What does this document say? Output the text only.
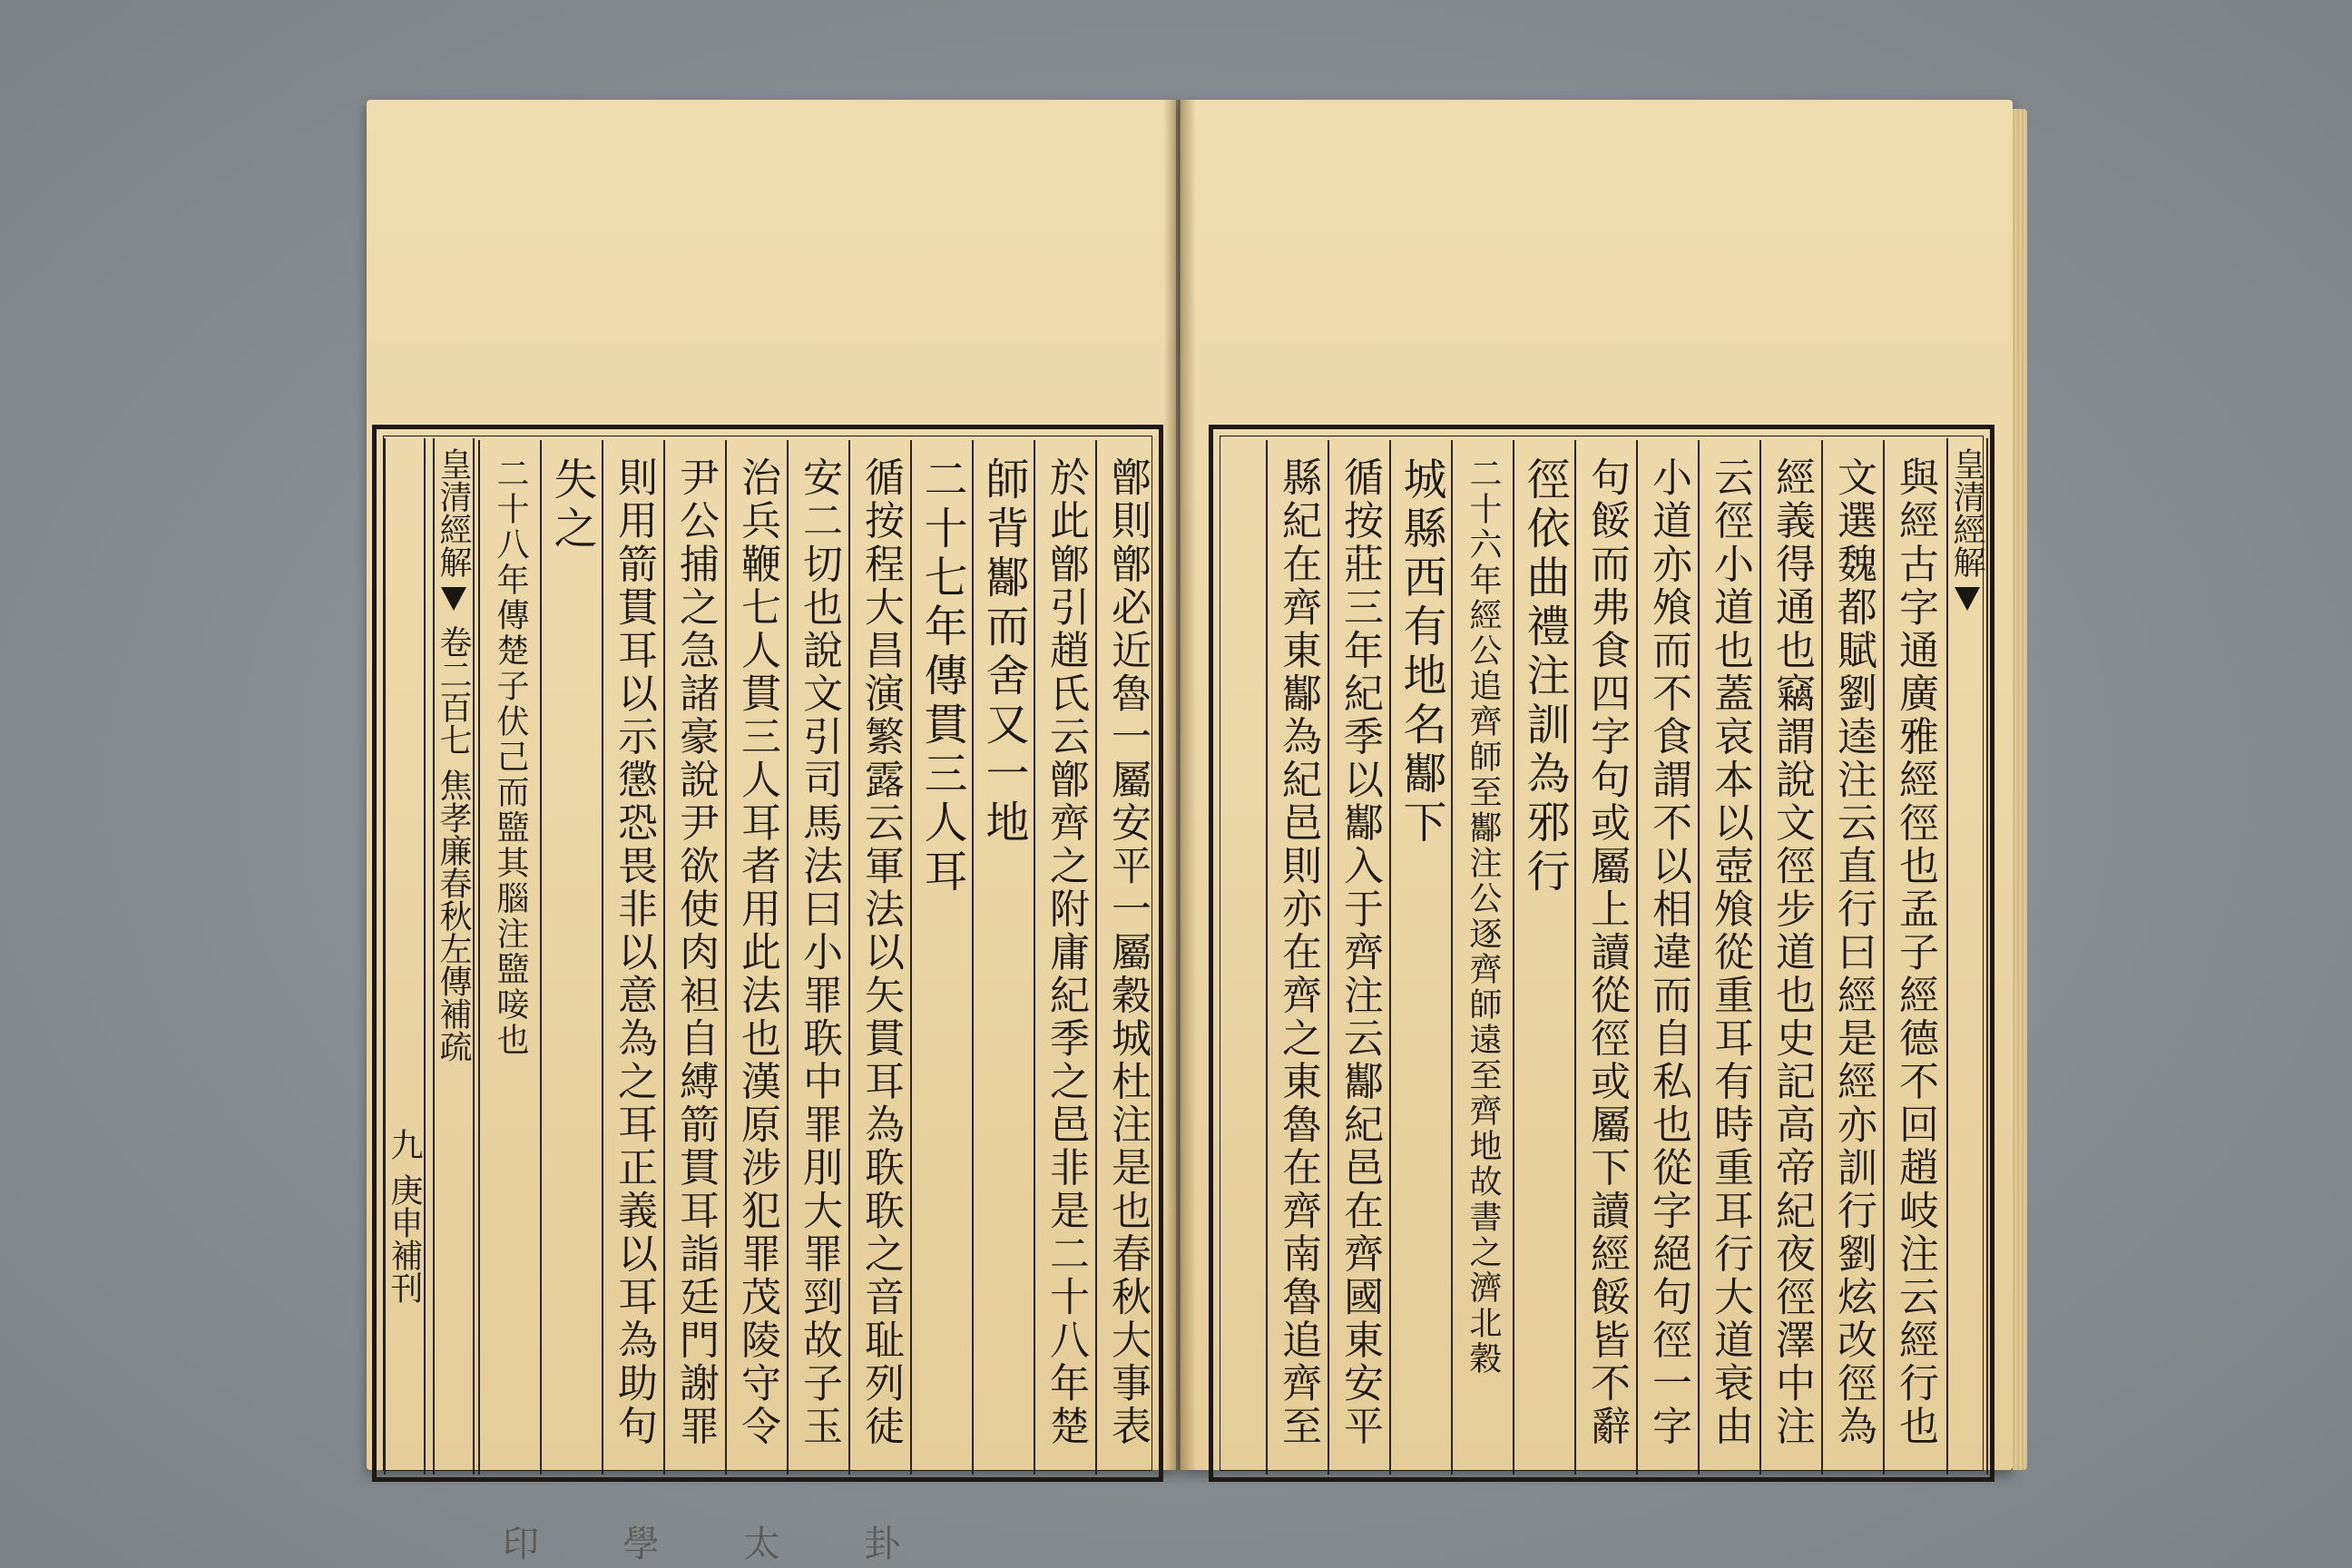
鄫則鄫必近魯一屬安平一屬穀城杜注是也春秋大事表
於此鄫引趙氏云鄫齊之附庸紀季之邑非是二十八年楚
師背酅而舍又一地
二十七年傳貫三人耳
循按程大昌演繁露云軍法以矢貫耳為聅聅之音耻列徒
安二切也說文引司馬法曰小罪聅中罪刖大罪剄故子玉
治兵鞭七人貫三人耳者用此法也漢原涉犯罪茂陵守令
尹公捕之急諸豪說尹欲使肉袒自縛箭貫耳詣廷門謝罪
則用箭貫耳以示懲恐畏非以意為之耳正義以耳為助句
失之
二十八年傳楚子伏己而盬其腦注盬唼也
皇清經解
卷二百七 焦孝廉春秋左傳補疏
九 庚申補刊
印 學 太 卦
皇清經解
與經古字通廣雅經徑也孟子經德不回趙岐注云經行也
文選魏都賦劉逵注云直行曰經是經亦訓行劉炫改徑為
經義得通也竊謂說文徑步道也史記高帝紀夜徑澤中注
云徑小道也蓋哀本以壺飧從重耳有時重耳行大道衰由
小道亦飧而不食謂不以相違而自私也從字絕句徑一字
句餒而弗食四字句或屬上讀從徑或屬下讀經餒皆不辭
徑依曲禮注訓為邪行
二十六年經公追齊師至酅注公逐齊師遠至齊地故書之濟北穀
城縣西有地名酅下
循按莊三年紀季以酅入于齊注云酅紀邑在齊國東安平
縣紀在齊東酅為紀邑則亦在齊之東魯在齊南魯追齊至
